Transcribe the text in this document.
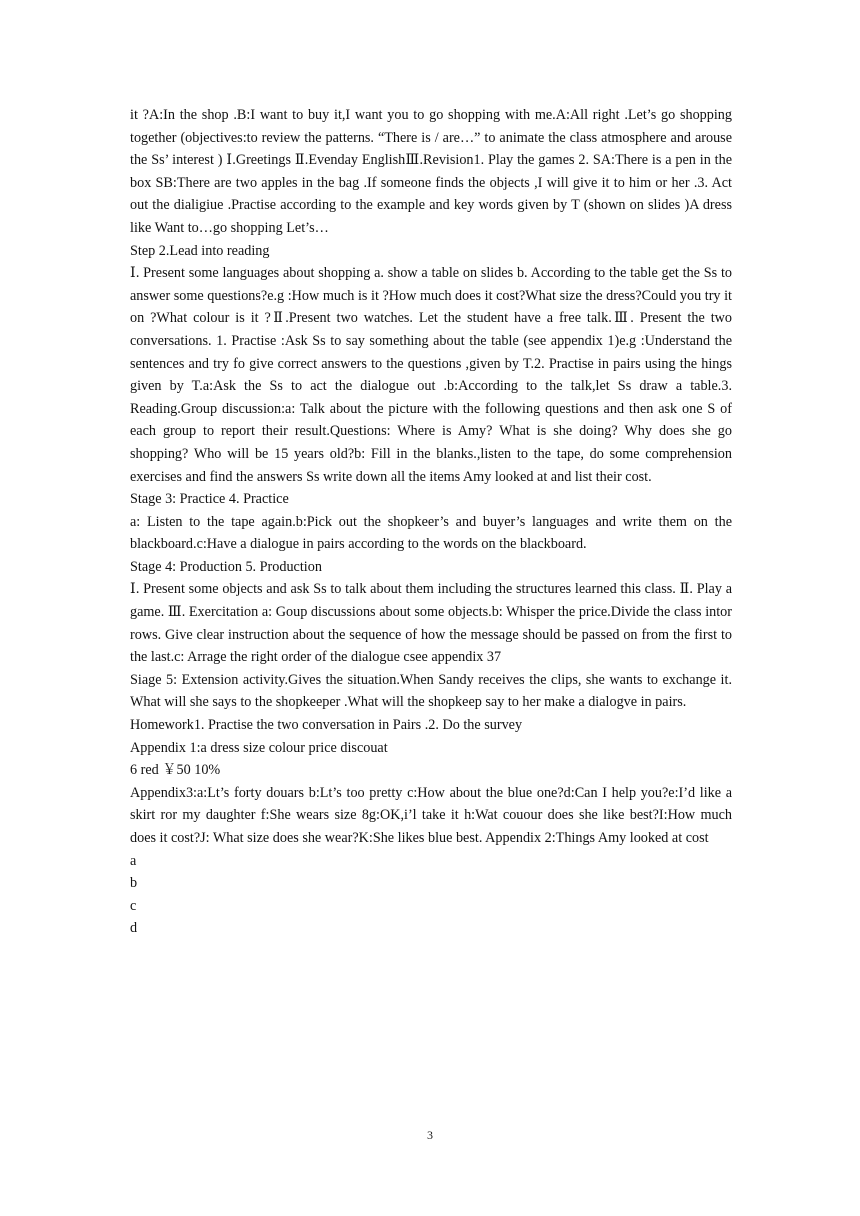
it ?A:In the shop .B:I want to buy it,I want you to go shopping with me.A:All right .Let’s go shopping together (objectives:to review the patterns. “There is / are…” to animate the class atmosphere and arouse the Ss’ interest ) Ⅰ.Greetings Ⅱ.Evenday EnglishⅢ.Revision1. Play the games 2. SA:There is a pen in the box SB:There are two apples in the bag .If someone finds the objects ,I will give it to him or her .3. Act out the dialigiue .Practise according to the example and key words given by T (shown on slides )A dress like Want to…go shopping Let’s…

Step 2.Lead into reading

Ⅰ. Present some languages about shopping a. show a table on slides b. According to the table get the Ss to answer some questions?e.g :How much is it ?How much does it cost?What size the dress?Could you try it on ?What colour is it ?Ⅱ.Present two watches. Let the student have a free talk.Ⅲ. Present the two conversations. 1. Practise :Ask Ss to say something about the table (see appendix 1)e.g :Understand the sentences and try fo give correct answers to the questions ,given by T.2. Practise in pairs using the hings given by T.a:Ask the Ss to act the dialogue out .b:According to the talk,let Ss draw a table.3. Reading.Group discussion:a: Talk about the picture with the following questions and then ask one S of each group to report their result.Questions: Where is Amy? What is she doing? Why does she go shopping? Who will be 15 years old?b: Fill in the blanks.,listen to the tape, do some comprehension exercises and find the answers Ss write down all the items Amy looked at and list their cost.

Stage 3: Practice 4. Practice

a: Listen to the tape again.b:Pick out the shopkeer’s and buyer’s languages and write them on the blackboard.c:Have a dialogue in pairs according to the words on the blackboard.

Stage 4: Production 5. Production

Ⅰ. Present some objects and ask Ss to talk about them including the structures learned this class. Ⅱ. Play a game. Ⅲ. Exercitation a: Goup discussions about some objects.b: Whisper the price.Divide the class intor rows. Give clear instruction about the sequence of how the message should be passed on from the first to the last.c: Arrage the right order of the dialogue csee appendix 37

Siage 5: Extension activity.Gives the situation.When Sandy receives the clips, she wants to exchange it. What will she says to the shopkeeper .What will the shopkeep say to her make a dialogve in pairs.

Homework1. Practise the two conversation in Pairs .2. Do the survey

Appendix 1:a dress size colour price discouat

6 red ￥50 10%

Appendix3:a:Lt’s forty douars b:Lt’s too pretty c:How about the blue one?d:Can I help you?e:I’d like a skirt ror my daughter f:She wears size 8g:OK,i’l take it h:Wat couour does she like best?I:How much does it cost?J: What size does she wear?K:She likes blue best. Appendix 2:Things Amy looked at cost

a

b

c

d

3
